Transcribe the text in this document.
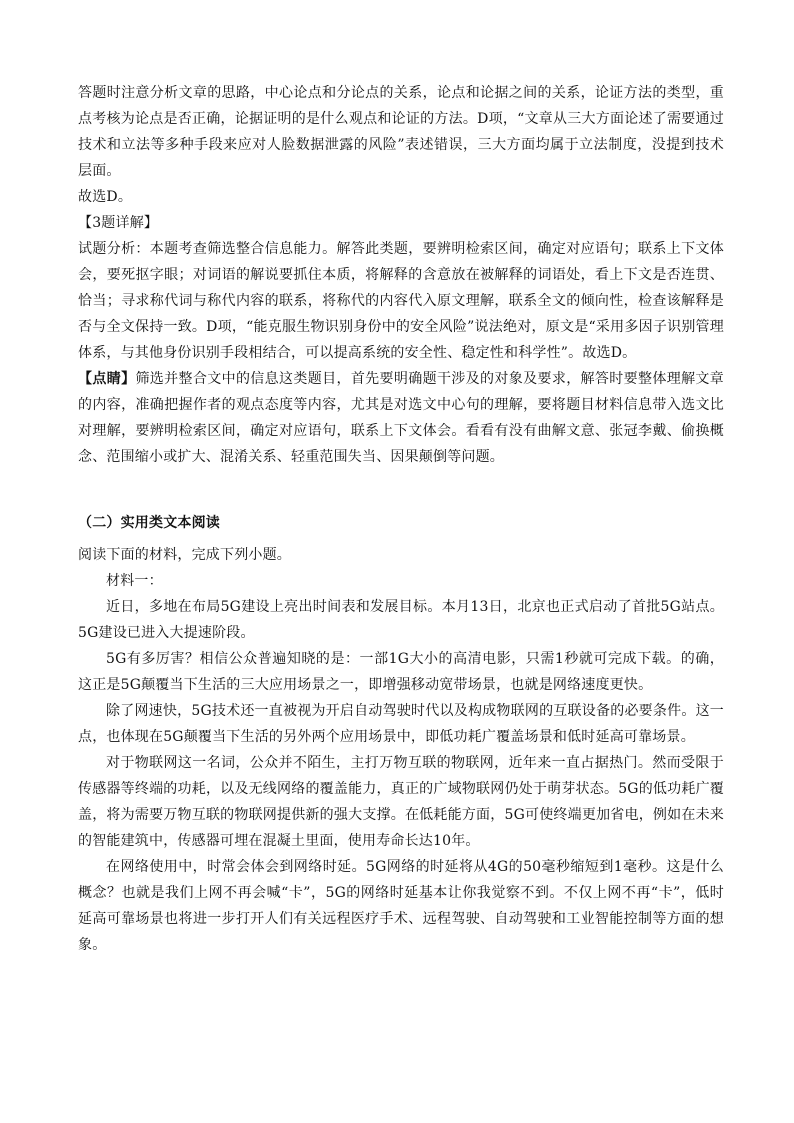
答题时注意分析文章的思路，中心论点和分论点的关系，论点和论据之间的关系，论证方法的类型，重点考核为论点是否正确，论据证明的是什么观点和论证的方法。D项，“文章从三大方面论述了需要通过技术和立法等多种手段来应对人脸数据泄露的风险”表述错误，三大方面均属于立法制度，没提到技术层面。

故选D。

【3题详解】

试题分析：本题考查筛选整合信息能力。解答此类题，要辨明检索区间，确定对应语句；联系上下文体会，要死抠字眼；对词语的解说要抓住本质，将解释的含意放在被解释的词语处，看上下文是否连贯、恰当；寻求称代词与称代内容的联系，将称代的内容代入原文理解，联系全文的倾向性，检查该解释是否与全文保持一致。D项，“能克服生物识别身份中的安全风险”说法绝对，原文是“采用多因子识别管理体系，与其他身份识别手段相结合，可以提高系统的安全性、稳定性和科学性”。故选D。

【点睛】筛选并整合文中的信息这类题目，首先要明确题干涉及的对象及要求，解答时要整体理解文章的内容，准确把握作者的观点态度等内容，尤其是对选文中心句的理解，要将题目材料信息带入选文比对理解，要辨明检索区间，确定对应语句，联系上下文体会。看看有没有曲解文意、张冠李戴、偷换概念、范围缩小或扩大、混淆关系、轻重范围失当、因果颠倒等问题。

（二）实用类文本阅读

阅读下面的材料，完成下列小题。

材料一：

近日，多地在布局5G建设上亮出时间表和发展目标。本月13日，北京也正式启动了首批5G站点。5G建设已进入大提速阶段。

5G有多厉害？相信公众普遍知晓的是：一部1G大小的高清电影，只需1秒就可完成下载。的确，这正是5G颠覆当下生活的三大应用场景之一，即增强移动宽带场景，也就是网络速度更快。

除了网速快，5G技术还一直被视为开启自动驾驶时代以及构成物联网的互联设备的必要条件。这一点，也体现在5G颠覆当下生活的另外两个应用场景中，即低功耗广覆盖场景和低时延高可靠场景。

对于物联网这一名词，公众并不陌生，主打万物互联的物联网，近年来一直占据热门。然而受限于传感器等终端的功耗，以及无线网络的覆盖能力，真正的广域物联网仍处于萌芽状态。5G的低功耗广覆盖，将为需要万物互联的物联网提供新的强大支撑。在低耗能方面，5G可使终端更加省电，例如在未来的智能建筑中，传感器可埋在混凝土里面，使用寿命长达10年。

在网络使用中，时常会体会到网络时延。5G网络的时延将从4G的50毫秒缩短到1毫秒。这是什么概念？也就是我们上网不再会喊“卡”，5G的网络时延基本让你我觉察不到。不仅上网不再“卡”，低时延高可靠场景也将进一步打开人们有关远程医疗手术、远程驾驶、自动驾驶和工业智能控制等方面的想象。
